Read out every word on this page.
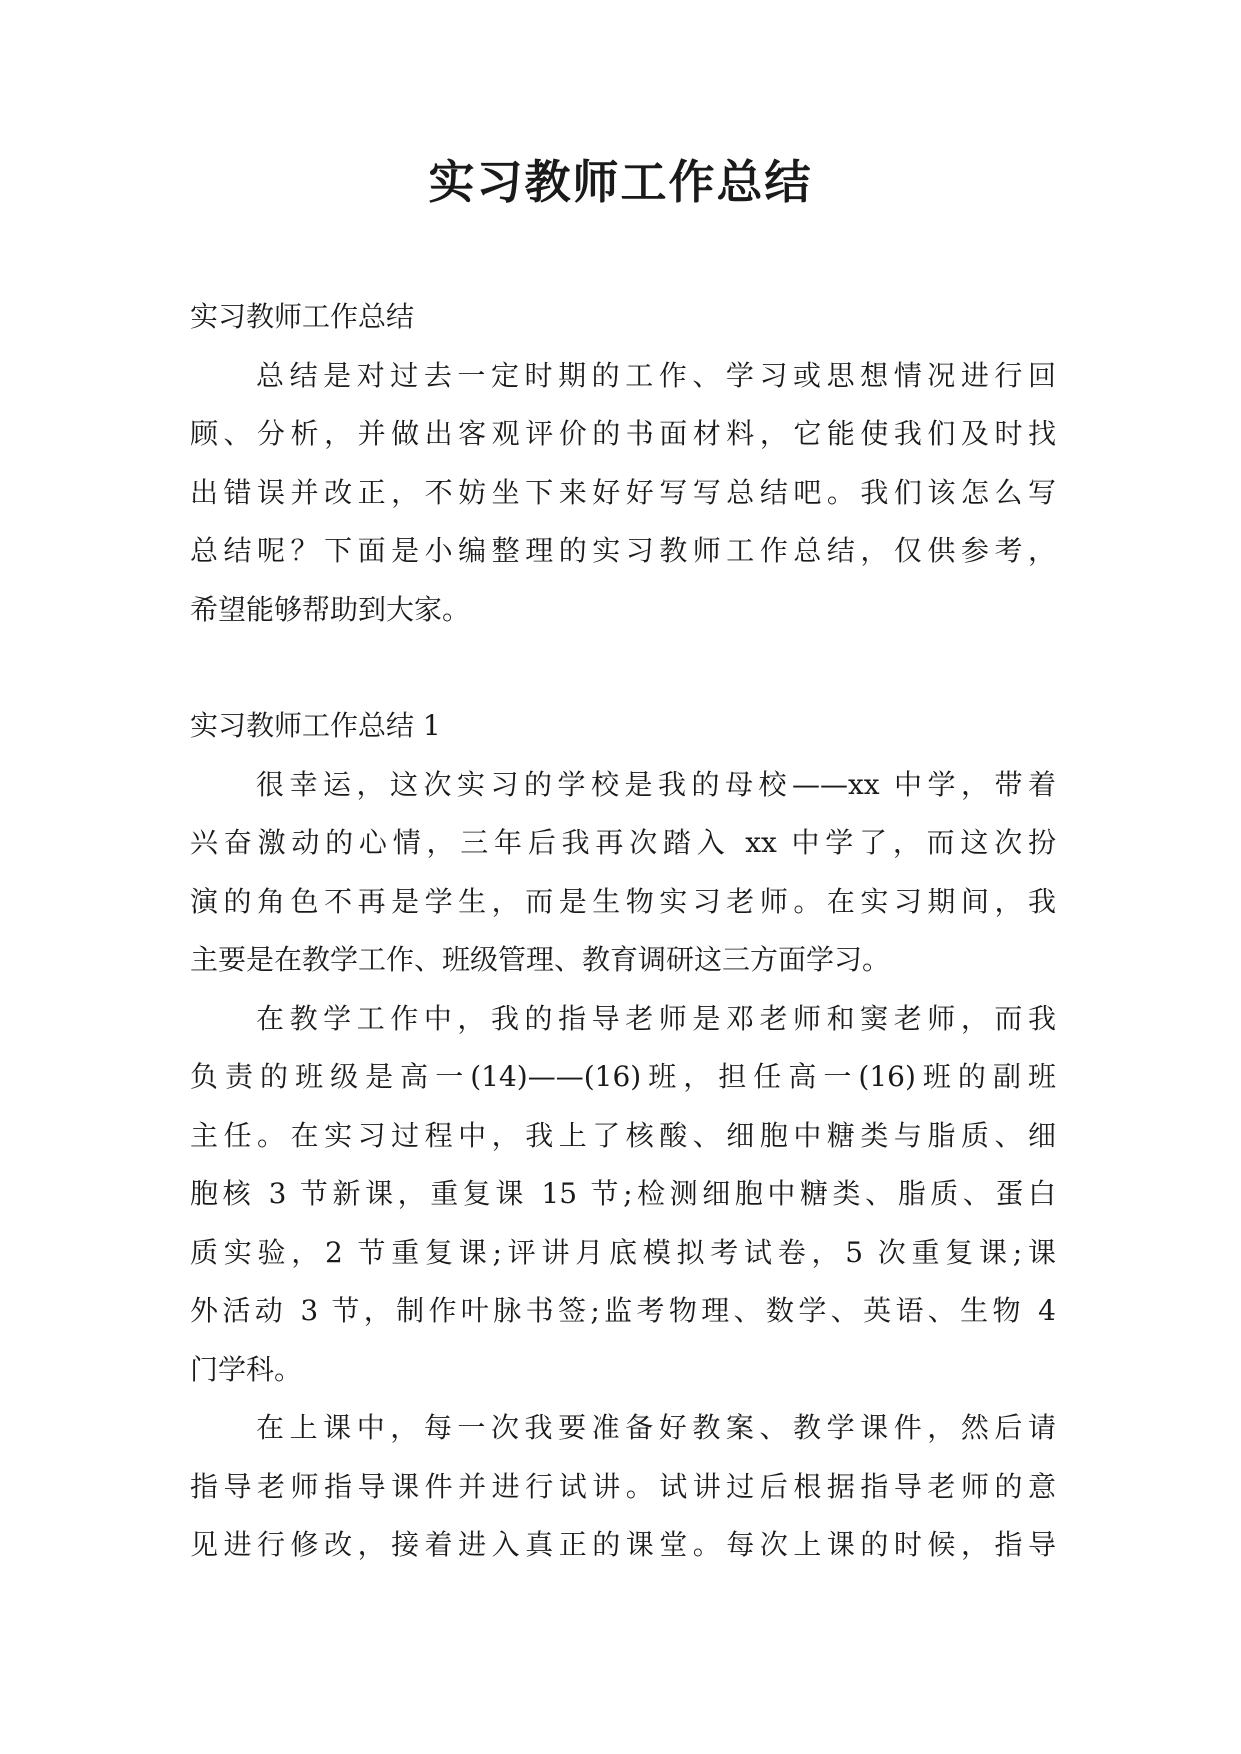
实习教师工作总结
实习教师工作总结
总结是对过去一定时期的工作、学习或思想情况进行回
顾、分析，并做出客观评价的书面材料，它能使我们及时找
出错误并改正，不妨坐下来好好写写总结吧。我们该怎么写
总结呢？下面是小编整理的实习教师工作总结，仅供参考，
希望能够帮助到大家。
实习教师工作总结 1
很幸运，这次实习的学校是我的母校——xx 中学，带着
兴奋激动的心情，三年后我再次踏入 xx 中学了，而这次扮
演的角色不再是学生，而是生物实习老师。在实习期间，我
主要是在教学工作、班级管理、教育调研这三方面学习。
在教学工作中，我的指导老师是邓老师和窦老师，而我
负责的班级是高一(14)——(16)班，担任高一(16)班的副班
主任。在实习过程中，我上了核酸、细胞中糖类与脂质、细
胞核 3 节新课，重复课 15 节;检测细胞中糖类、脂质、蛋白
质实验，2 节重复课;评讲月底模拟考试卷，5 次重复课;课
外活动 3 节，制作叶脉书签;监考物理、数学、英语、生物 4
门学科。
在上课中，每一次我要准备好教案、教学课件，然后请
指导老师指导课件并进行试讲。试讲过后根据指导老师的意
见进行修改，接着进入真正的课堂。每次上课的时候，指导
